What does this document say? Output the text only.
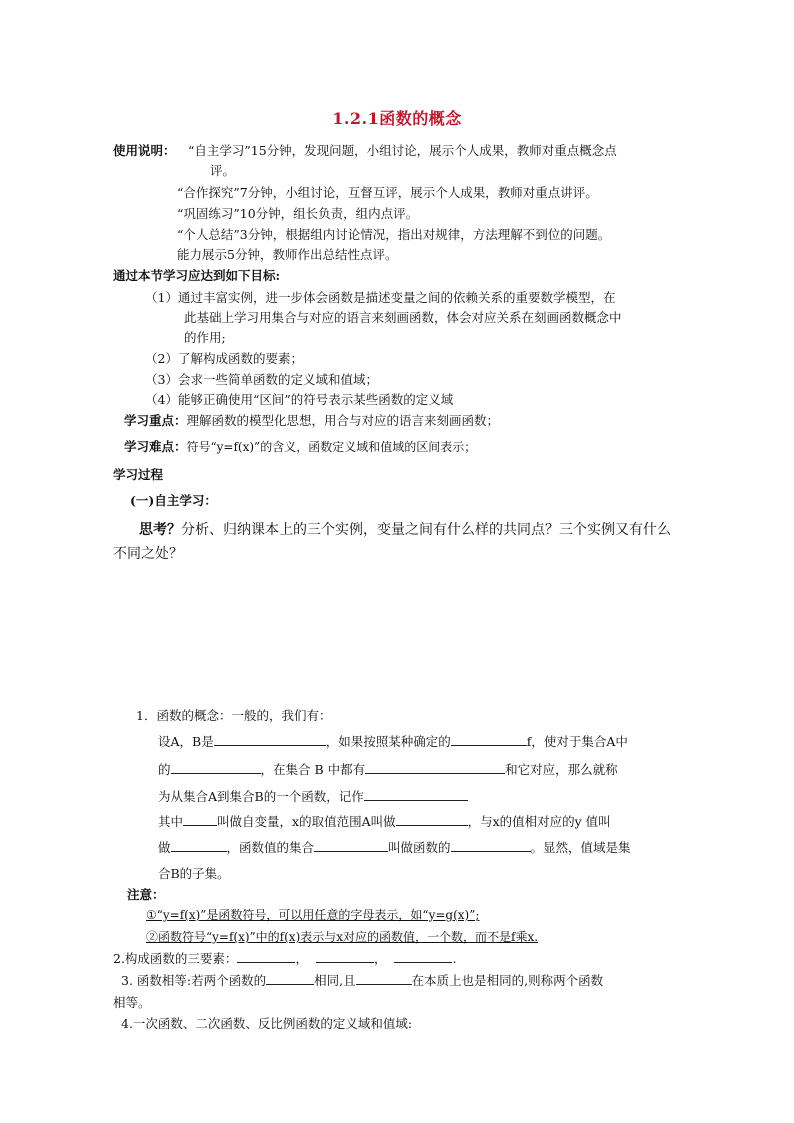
1.2.1函数的概念
使用说明： “自主学习”15分钟，发现问题，小组讨论，展示个人成果，教师对重点概念点
评。
“合作探究”7分钟，小组讨论，互督互评，展示个人成果，教师对重点讲评。
“巩固练习”10分钟，组长负责，组内点评。
“个人总结”3分钟，根据组内讨论情况，指出对规律，方法理解不到位的问题。
能力展示5分钟，教师作出总结性点评。
通过本节学习应达到如下目标:
（1）通过丰富实例，进一步体会函数是描述变量之间的依赖关系的重要数学模型，在
此基础上学习用集合与对应的语言来刻画函数，体会对应关系在刻画函数概念中
的作用;
（2）了解构成函数的要素；
（3）会求一些简单函数的定义域和值域；
（4）能够正确使用“区间”的符号表示某些函数的定义域
学习重点：理解函数的模型化思想，用合与对应的语言来刻画函数；
学习难点：符号“y=f(x)”的含义，函数定义域和值域的区间表示；
学习过程
(一)自主学习：
思考？分析、归纳课本上的三个实例，变量之间有什么样的共同点？三个实例又有什么
不同之处？
1．函数的概念：一般的，我们有：
设A，B是	，如果按照某种确定的	f，使对于集合A中
的	，在集合 B 中都有	和它对应，那么就称
为从集合A到集合B的一个函数，记作
其中	叫做自变量，x的取值范围A叫做	，与x的值相对应的y 值叫
做	，函数值的集合	叫做函数的	。显然，值域是集
合B的子集。
注意：
①“y=f(x)”是函数符号，可以用任意的字母表示，如“y=g(x)”;
②函数符号“y=f(x)”中的f(x)表示与x对应的函数值，一个数，而不是f乘x.
2.构成函数的三要素：	，	，	.
3. 函数相等:若两个函数的	相同,且	在本质上也是相同的,则称两个函数
相等。
4.一次函数、二次函数、反比例函数的定义域和值域:
